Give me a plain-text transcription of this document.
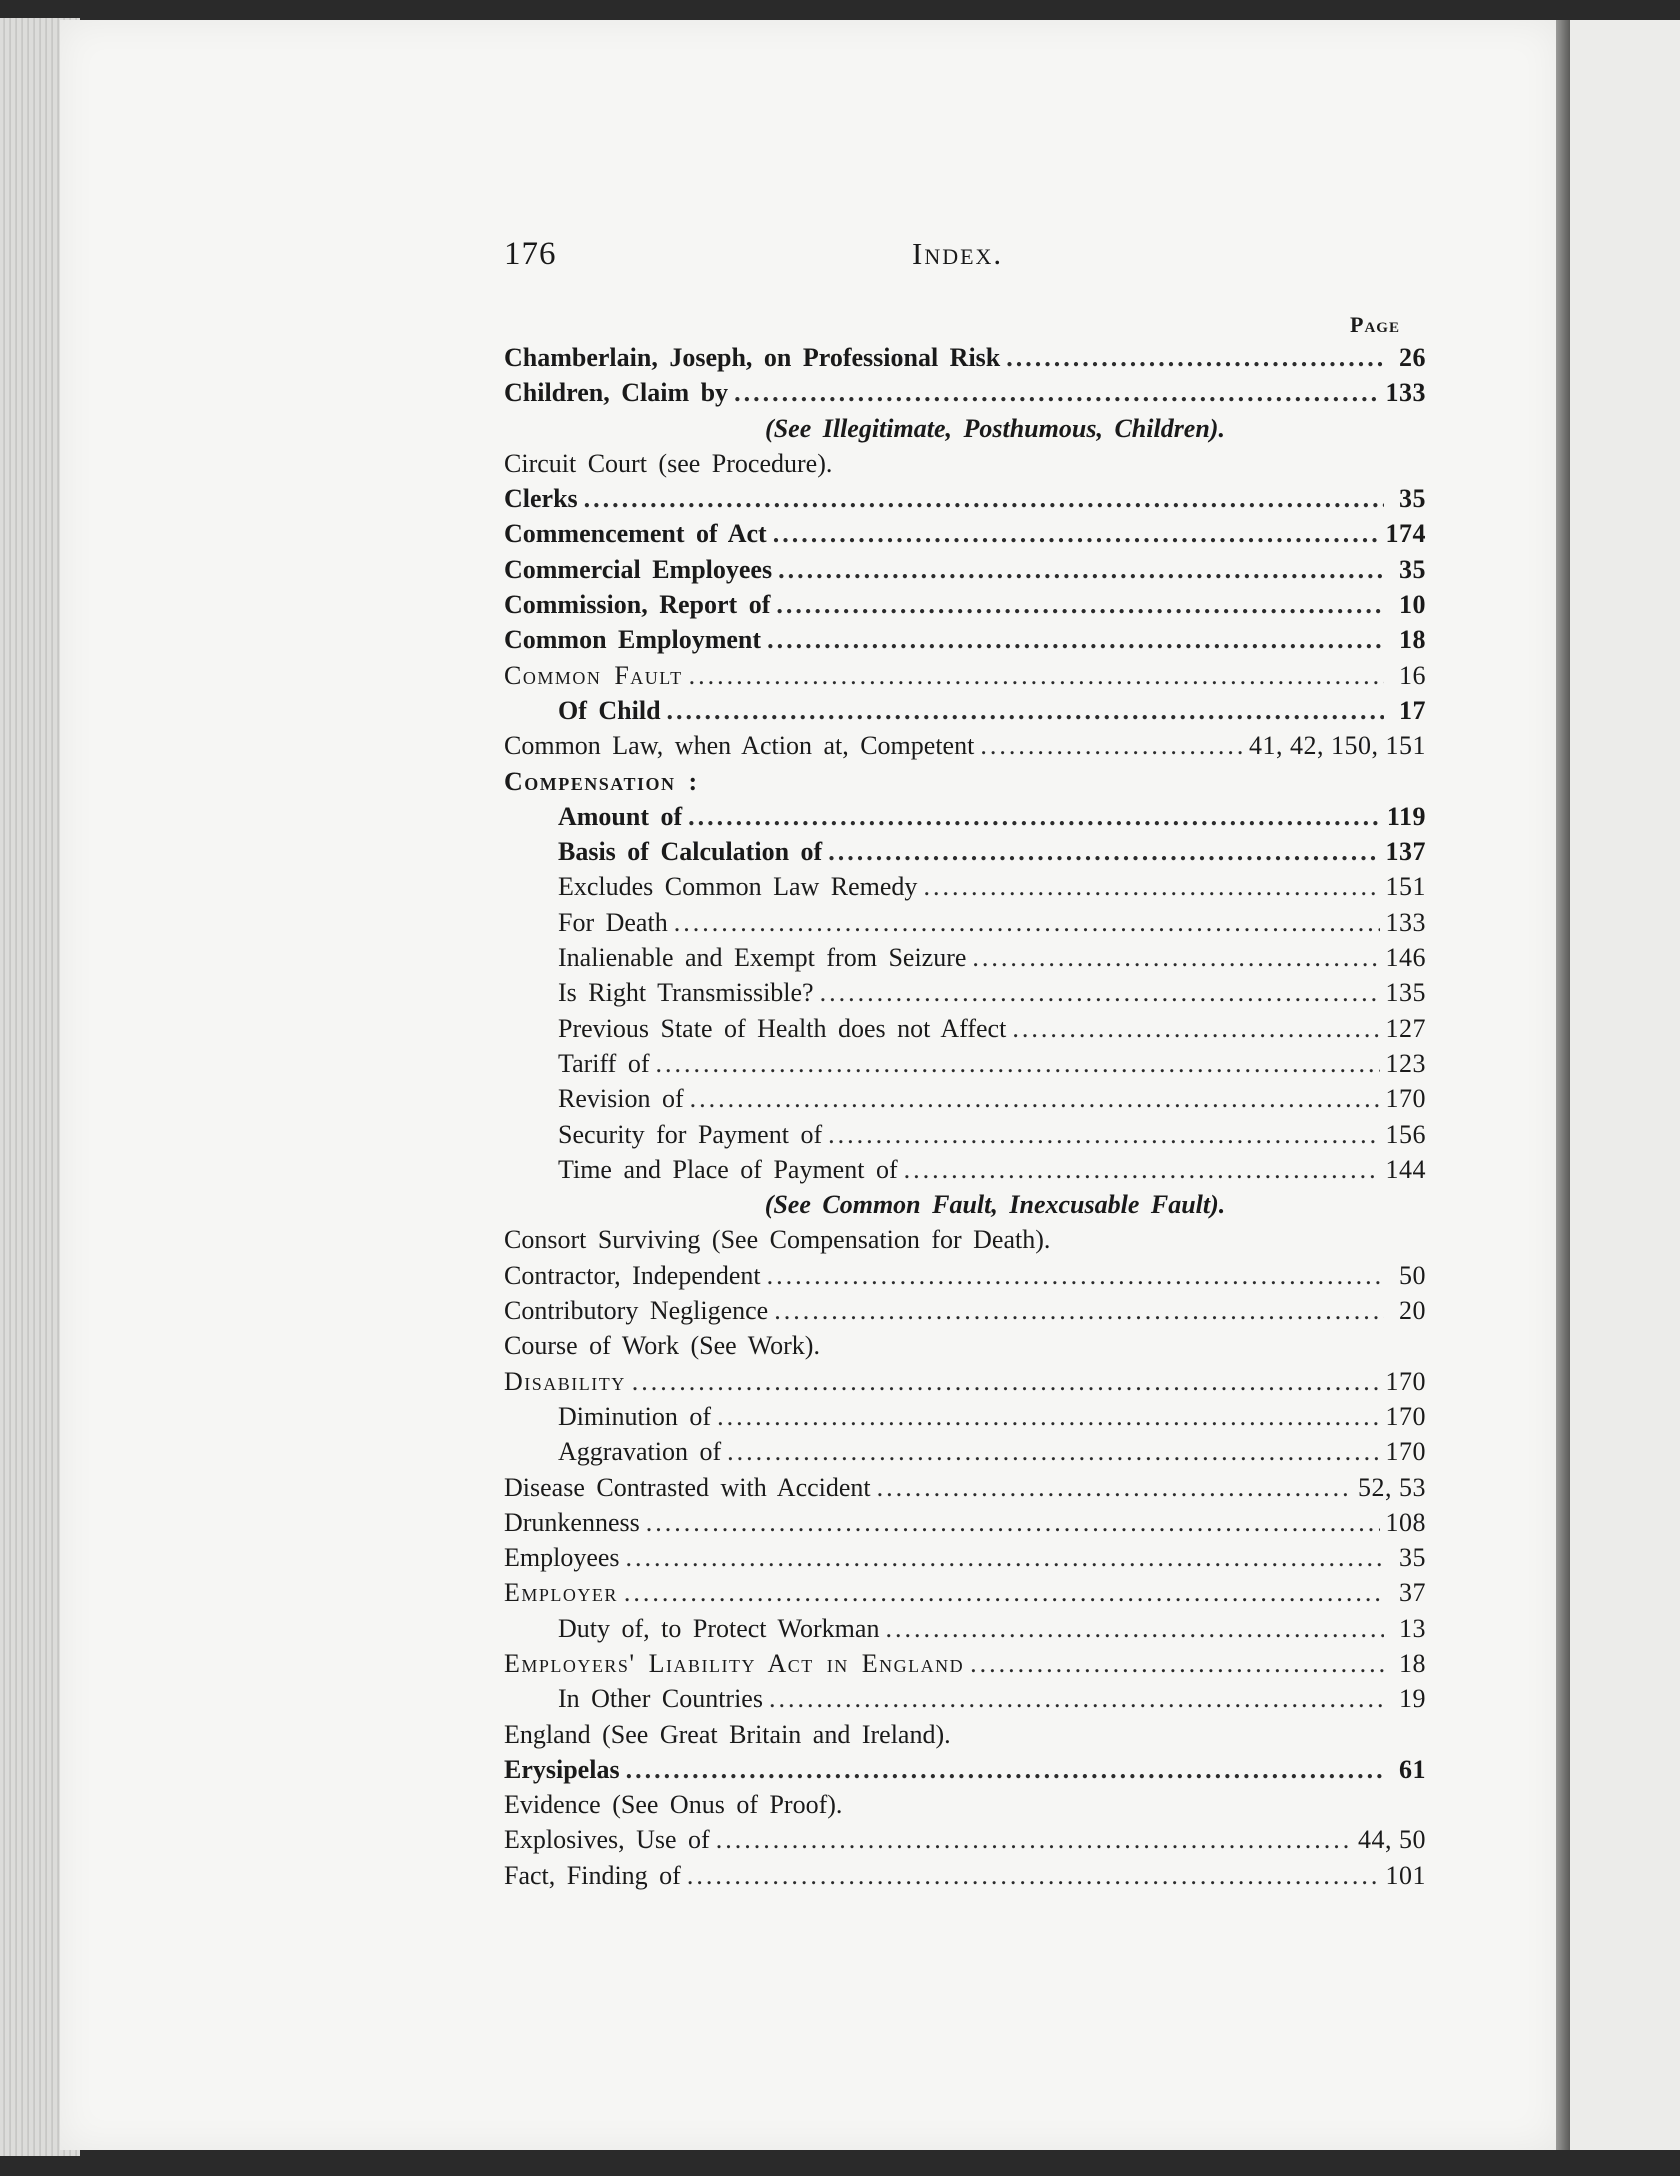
176	Index.
Page
Chamberlain, Joseph, on Professional Risk .....	26
Children, Claim by .....	133
(See Illegitimate, Posthumous, Children).
Circuit Court (see Procedure).
Clerks .....	35
Commencement of Act .....	174
Commercial Employees .....	35
Commission, Report of .....	10
Common Employment .....	18
Common Fault .....	16
Of Child .....	17
Common Law, when Action at, Competent .....	41, 42, 150, 151
Compensation :
Amount of .....	119
Basis of Calculation of .....	137
Excludes Common Law Remedy .....	151
For Death .....	133
Inalienable and Exempt from Seizure .....	146
Is Right Transmissible? .....	135
Previous State of Health does not Affect .....	127
Tariff of .....	123
Revision of .....	170
Security for Payment of .....	156
Time and Place of Payment of .....	144
(See Common Fault, Inexcusable Fault).
Consort Surviving (See Compensation for Death).
Contractor, Independent .....	50
Contributory Negligence .....	20
Course of Work (See Work).
Disability .....	170
Diminution of .....	170
Aggravation of .....	170
Disease Contrasted with Accident .....	52, 53
Drunkenness .....	108
Employees .....	35
Employer .....	37
Duty of, to Protect Workman .....	13
Employers' Liability Act in England .....	18
In Other Countries .....	19
England (See Great Britain and Ireland).
Erysipelas .....	61
Evidence (See Onus of Proof).
Explosives, Use of .....	44, 50
Fact, Finding of .....	101
